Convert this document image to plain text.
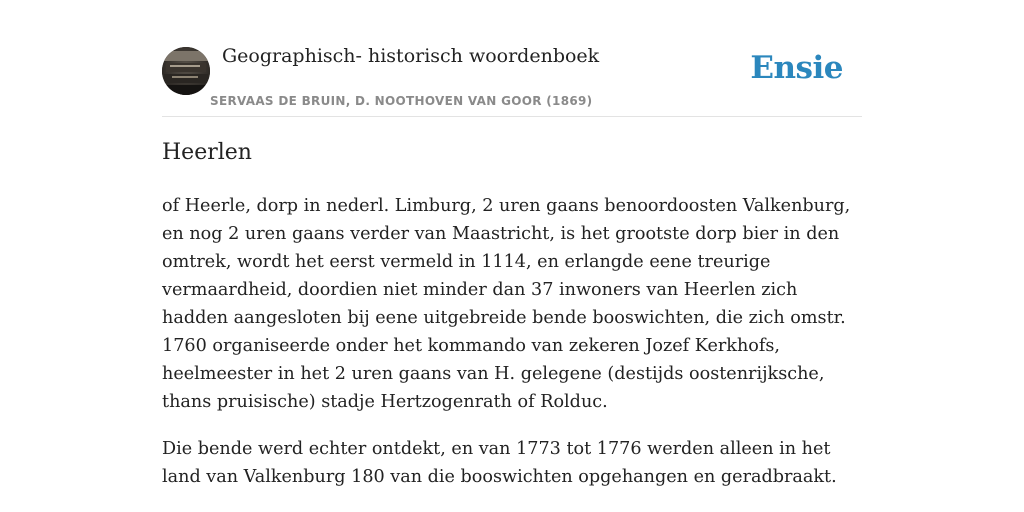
Geographisch- historisch woordenboek
SERVAAS DE BRUIN, D. NOOTHOVEN VAN GOOR (1869)
Ensie
Heerlen

of Heerle, dorp in nederl. Limburg, 2 uren gaans benoordoosten Valkenburg, en nog 2 uren gaans verder van Maastricht, is het grootste dorp bier in den omtrek, wordt het eerst vermeld in 1114, en erlangde eene treurige vermaardheid, doordien niet minder dan 37 inwoners van Heerlen zich hadden aangesloten bij eene uitgebreide bende booswichten, die zich omstr. 1760 organiseerde onder het kommando van zekeren Jozef Kerkhofs, heelmeester in het 2 uren gaans van H. gelegene (destijds oostenrijksche, thans pruisische) stadje Hertzogenrath of Rolduc.

Die bende werd echter ontdekt, en van 1773 tot 1776 werden alleen in het land van Valkenburg 180 van die booswichten opgehangen en geradbraakt.
